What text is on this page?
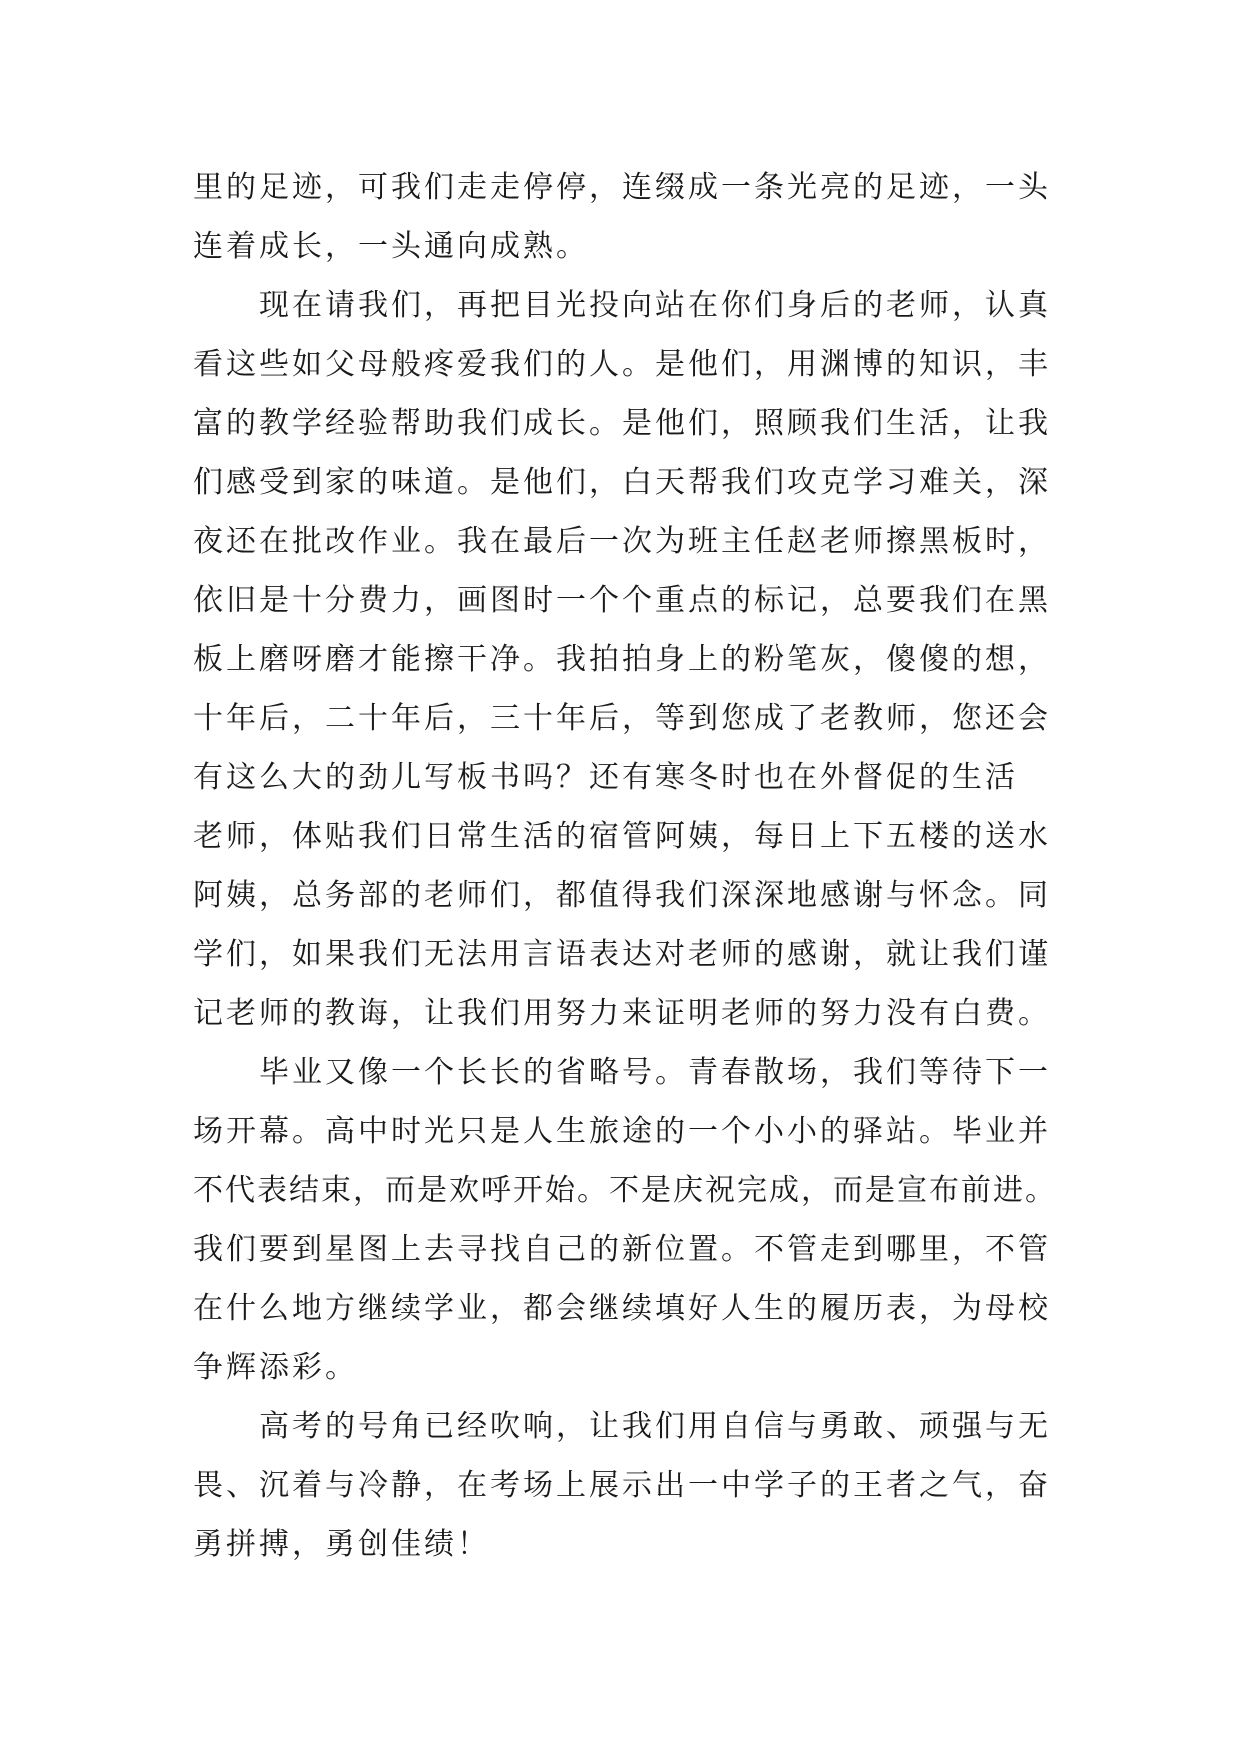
里的足迹，可我们走走停停，连缀成一条光亮的足迹，一头
连着成长，一头通向成熟。
现在请我们，再把目光投向站在你们身后的老师，认真
看这些如父母般疼爱我们的人。是他们，用渊博的知识，丰
富的教学经验帮助我们成长。是他们，照顾我们生活，让我
们感受到家的味道。是他们，白天帮我们攻克学习难关，深
夜还在批改作业。我在最后一次为班主任赵老师擦黑板时，
依旧是十分费力，画图时一个个重点的标记，总要我们在黑
板上磨呀磨才能擦干净。我拍拍身上的粉笔灰，傻傻的想，
十年后，二十年后，三十年后，等到您成了老教师，您还会
有这么大的劲儿写板书吗？还有寒冬时也在外督促的生活
老师，体贴我们日常生活的宿管阿姨，每日上下五楼的送水
阿姨，总务部的老师们，都值得我们深深地感谢与怀念。同
学们，如果我们无法用言语表达对老师的感谢，就让我们谨
记老师的教诲，让我们用努力来证明老师的努力没有白费。
毕业又像一个长长的省略号。青春散场，我们等待下一
场开幕。高中时光只是人生旅途的一个小小的驿站。毕业并
不代表结束，而是欢呼开始。不是庆祝完成，而是宣布前进。
我们要到星图上去寻找自己的新位置。不管走到哪里，不管
在什么地方继续学业，都会继续填好人生的履历表，为母校
争辉添彩。
高考的号角已经吹响，让我们用自信与勇敢、顽强与无
畏、沉着与冷静，在考场上展示出一中学子的王者之气，奋
勇拼搏，勇创佳绩！
